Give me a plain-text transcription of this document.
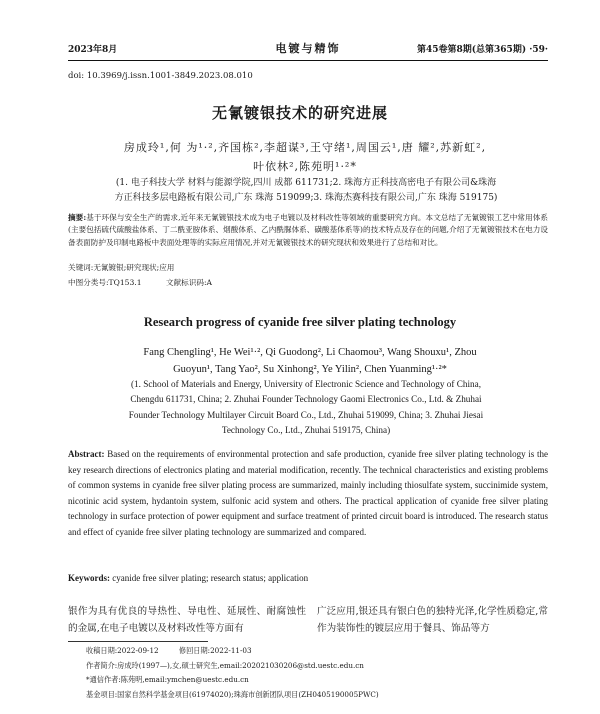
2023年8月	电镀与精饰	第45卷第8期(总第365期) ·59·
doi: 10.3969/j.issn.1001-3849.2023.08.010
无氰镀银技术的研究进展
房成玲¹,何 为¹·²,齐国栋²,李超谋³,王守绪¹,周国云¹,唐 耀²,苏新虹²,
叶依林²,陈苑明¹·²*
(1. 电子科技大学 材料与能源学院,四川 成都 611731;2. 珠海方正科技高密电子有限公司&珠海
方正科技多层电路板有限公司,广东 珠海 519099;3. 珠海杰赛科技有限公司,广东 珠海 519175)
摘要:基于环保与安全生产的需求,近年来无氰镀银技术成为电子电镀以及材料改性等领域的重要研究方向。本文总结了无氰镀银工艺中常用体系(主要包括硫代硫酸盐体系、丁二酰亚胺体系、烟酸体系、乙内酰脲体系、磺酸基体系等)的技术特点及存在的问题,介绍了无氰镀银技术在电力设备表面防护及印制电路板中表面处理等的实际应用情况,并对无氰镀银技术的研究现状和效果进行了总结和对比。
关键词:无氰镀银;研究现状;应用
中图分类号:TQ153.1	文献标识码:A
Research progress of cyanide free silver plating technology
Fang Chengling¹, He Wei¹·², Qi Guodong², Li Chaomou³, Wang Shouxu¹, Zhou
Guoyun¹, Tang Yao², Su Xinhong², Ye Yilin², Chen Yuanming¹·²*
(1. School of Materials and Energy, University of Electronic Science and Technology of China,
Chengdu 611731, China; 2. Zhuhai Founder Technology Gaomi Electronics Co., Ltd. & Zhuhai
Founder Technology Multilayer Circuit Board Co., Ltd., Zhuhai 519099, China; 3. Zhuhai Jiesai
Technology Co., Ltd., Zhuhai 519175, China)
Abstract: Based on the requirements of environmental protection and safe production, cyanide free silver plating technology is the key research directions of electronics plating and material modification, recently. The technical characteristics and existing problems of common systems in cyanide free silver plating process are summarized, mainly including thiosulfate system, succinimide system, nicotinic acid system, hydantoin system, sulfonic acid system and others. The practical application of cyanide free silver plating technology in surface protection of power equipment and surface treatment of printed circuit board is introduced. The research status and effect of cyanide free silver plating technology are summarized and compared.
Keywords: cyanide free silver plating; research status; application
银作为具有优良的导热性、导电性、延展性、耐腐蚀性的金属,在电子电镀以及材料改性等方面有
广泛应用,银还具有银白色的独特光泽,化学性质稳定,常作为装饰性的镀层应用于餐具、饰品等方
收稿日期:2022-09-12	修回日期:2022-11-03
作者简介:房成玲(1997—),女,硕士研究生,email:202021030206@std.uestc.edu.cn
*通信作者:陈苑明,email:ymchen@uestc.edu.cn
基金项目:国家自然科学基金项目(61974020);珠海市创新团队项目(ZH0405190005PWC)
